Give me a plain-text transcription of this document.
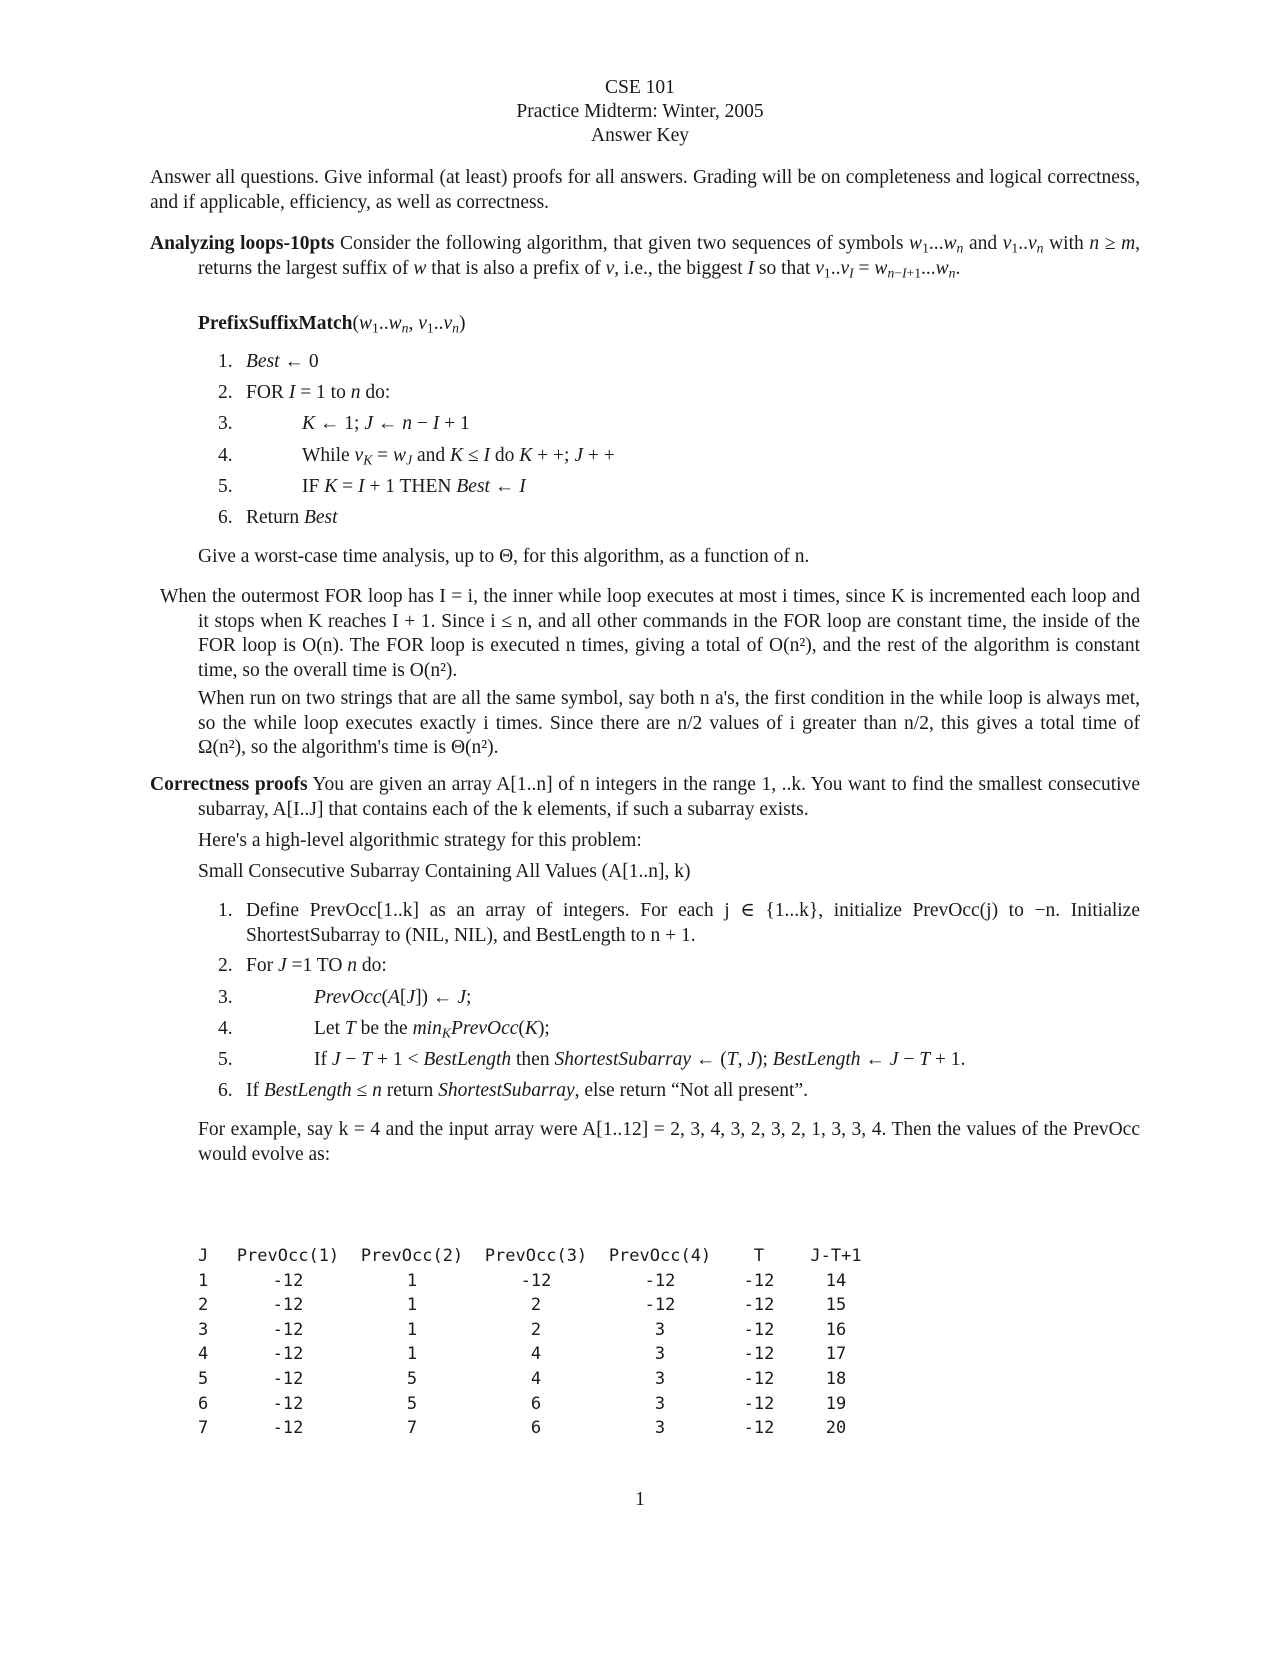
CSE 101
Practice Midterm: Winter, 2005
Answer Key
Answer all questions. Give informal (at least) proofs for all answers. Grading will be on completeness and logical correctness, and if applicable, efficiency, as well as correctness.
Analyzing loops-10pts Consider the following algorithm, that given two sequences of symbols $w_1...w_n$ and $v_1..v_n$ with n ≥ m, returns the largest suffix of w that is also a prefix of v, i.e., the biggest I so that $v_1..v_I = w_{n-I+1}...w_n$.
$PrefixSuffixMatch(w_1..w_n$, $v_1..v_n$)
1. Best ← 0
2. FOR I = 1 to n do:
3.	K ← 1; J ← n − I + 1
4.	While $v_K = w_J$ and K ≤ I do K + +; J + +
5.	IF K = I + 1 THEN Best ← I
6. Return Best
Give a worst-case time analysis, up to Θ, for this algorithm, as a function of n.
When the outermost FOR loop has I = i, the inner while loop executes at most i times, since K is incremented each loop and it stops when K reaches I + 1. Since i ≤ n, and all other commands in the FOR loop are constant time, the inside of the FOR loop is O(n). The FOR loop is executed n times, giving a total of O(n²), and the rest of the algorithm is constant time, so the overall time is O(n²).
When run on two strings that are all the same symbol, say both n a's, the first condition in the while loop is always met, so the while loop executes exactly i times. Since there are n/2 values of i greater than n/2, this gives a total time of Ω(n²), so the algorithm's time is Θ(n²).
Correctness proofs You are given an array A[1..n] of n integers in the range 1, ..k. You want to find the smallest consecutive subarray, A[I..J] that contains each of the k elements, if such a subarray exists.
Here's a high-level algorithmic strategy for this problem:
Small Consecutive Subarray Containing All Values (A[1..n], k)
1. Define PrevOcc[1..k] as an array of integers. For each j ∈ {1...k}, initialize PrevOcc(j) to −n. Initialize ShortestSubarray to (NIL, NIL), and BestLength to n + 1.
2. For J =1 TO n do:
3.	PrevOcc(A[J]) ← J;
4.	Let T be the $\min_KPrevOcc(K)$;
5.	If J − T + 1 < BestLength then ShortestSubarray ← (T, J); BestLength ← J − T + 1.
6. If BestLength ≤ n return ShortestSubarray, else return “Not all present”.
For example, say k = 4 and the input array were A[1..12] = 2, 3, 4, 3, 2, 3, 2, 1, 3, 3, 4. Then the values of the PrevOcc would evolve as:
J	PrevOcc(1)	PrevOcc(2)	PrevOcc(3)	PrevOcc(4)	T	J-T+1
1	-12	1	-12	-12	-12	14
2	-12	1	2	-12	-12	15
3	-12	1	2	3	-12	16
4	-12	1	4	3	-12	17
5	-12	5	4	3	-12	18
6	-12	5	6	3	-12	19
7	-12	7	6	3	-12	20
1
